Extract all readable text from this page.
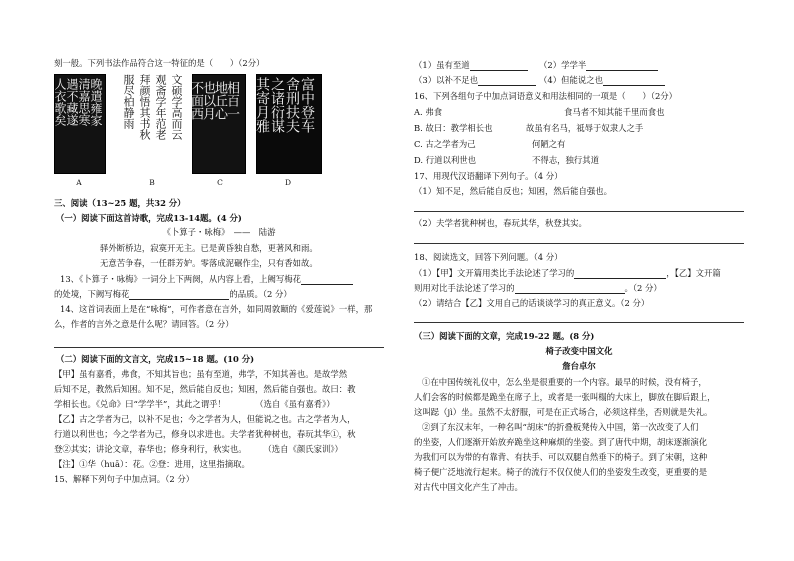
刻一般。下列书法作品符合这一特征的是（　　）（2分）
晚遣雍家
清嘉思寒
遇不藏遂
人衣歌矣
A
文硕学高而云
观斋学年范老
拜颜悟其书秋
服尽柏静雨
B
相百一
地丘心
也以月
不面西
C
富中登车
舍刑扶夫
之诸衍谋
其寄月雅
D
三、阅读（13~25 题，共32 分）
（一）阅读下面这首诗歌，完成13-14题。(4 分)
《卜算子・咏梅》　——　陆游
驿外断桥边，寂寞开无主。已是黄昏独自愁，更著风和雨。
无意苦争春，一任群芳妒。零落成泥碾作尘，只有香如故。
13、《卜算子・咏梅》一词分上下两阕，从内容上看，上阙写梅花
的处境，下阙写梅花	的品质。（2 分）
14、这首词表面上是在“咏梅”，可作者意在言外，如同周敦颐的《爱莲说》一样，那
么，作者的言外之意是什么呢？请回答。（2 分）
（二）阅读下面的文言文，完成15~18 题。(10 分)
【甲】虽有嘉肴，弗食，不知其旨也；虽有至道，弗学，不知其善也。是故学然
后知不足，教然后知困。知不足，然后能自反也；知困，然后能自强也。故曰：教
学相长也。《兑命》曰“学学半”，其此之谓乎！　　　　（选自《虽有嘉肴》）
【乙】古之学者为己，以补不足也；今之学者为人，但能说之也。古之学者为人，
行道以利世也；今之学者为己，修身以求进也。夫学者犹种树也，春玩其华①，秋
登②其实；讲论文章，春华也；修身利行，秋实也。　　　（选自《颜氏家训》）
【注】①华（huā）：花。②登：进用，这里指摘取。
15、解释下列句子中加点词。（2 分）
（1）虽有至道	（2）学学半
（3）以补不足也	（4）但能说之也
16、下列各组句子中加点词语意义和用法相同的一项是（　　）（2分）
A. 弗食	食马者不知其能千里而食也
B. 故曰：教学相长也	故虽有名马，祗辱于奴隶人之手
C. 古之学者为己	何陋之有
D. 行道以利世也	不得志，独行其道
17、用现代汉语翻译下列句子。（4 分）
（1）知不足，然后能自反也；知困，然后能自强也。
（2）夫学者犹种树也，春玩其华，秋登其实。
18、阅读选文，回答下列问题。（4 分）
（1）【甲】文开篇用类比手法论述了学习的	，【乙】文开篇
则用对比手法论述了学习的	。（2 分）
（2）请结合【乙】文用自己的话谈谈学习的真正意义。（2 分）
（三）阅读下面的文章，完成19-22 题。(8 分)
椅子改变中国文化
詹台卓尔
①在中国传统礼仪中，怎么坐是很重要的一个内容。最早的时候，没有椅子，
人们会客的时候都是跪坐在席子上，或者是一张叫榻的大床上，脚放在脚后跟上，
这叫跽（jì）坐。虽然不太舒服，可是在正式场合，必须这样坐，否则就是失礼。
②到了东汉末年，一种名叫“胡床”的折叠板凳传入中国，第一次改变了人们
的坐姿，人们逐渐开始放弃跪坐这种麻烦的坐姿。到了唐代中期，胡床逐渐演化
为我们可以为带的有靠背、有扶手、可以双腿自然垂下的椅子。到了宋朝，这种
椅子便广泛地流行起来。椅子的流行不仅仅使人们的坐姿发生改变，更重要的是
对古代中国文化产生了冲击。
